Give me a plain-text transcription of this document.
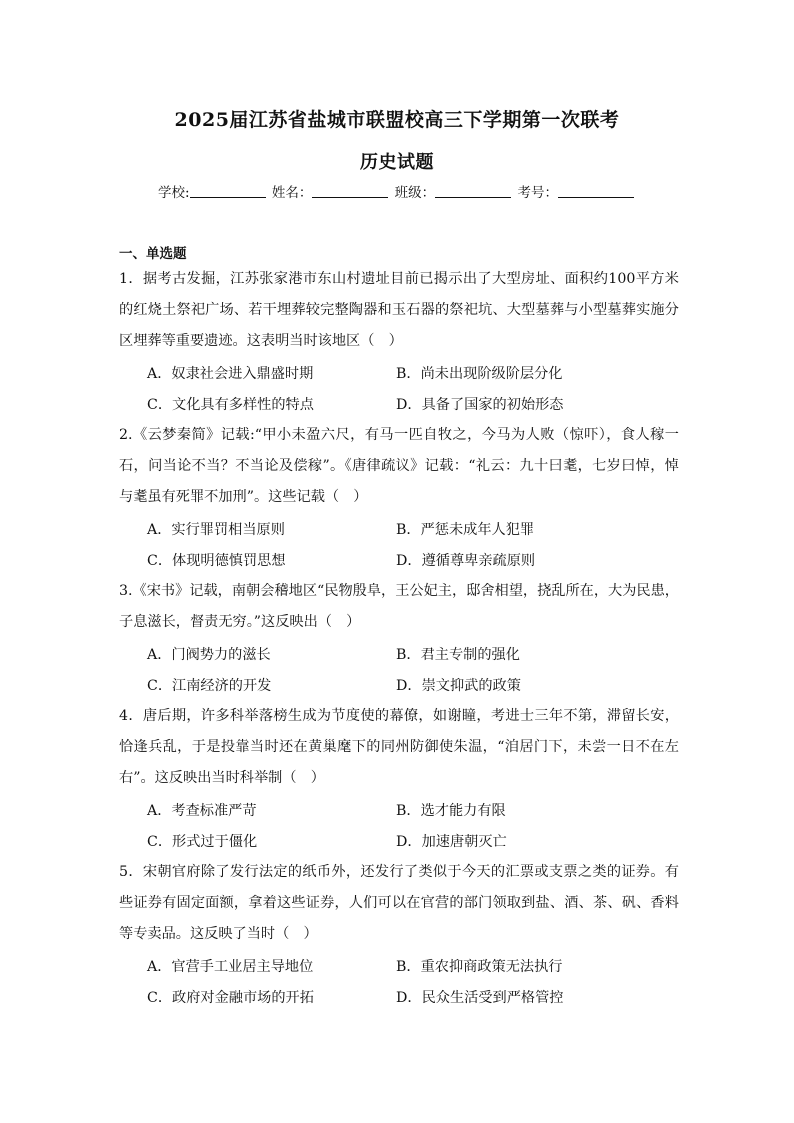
2025届江苏省盐城市联盟校高三下学期第一次联考
历史试题
学校:	姓名：	班级：	考号：
一、单选题
1．据考古发掘，江苏张家港市东山村遗址目前已揭示出了大型房址、面积约100平方米的红烧土祭祀广场、若干埋葬较完整陶器和玉石器的祭祀坑、大型墓葬与小型墓葬实施分区埋葬等重要遗迹。这表明当时该地区（　）
A．奴隶社会进入鼎盛时期	B．尚未出现阶级阶层分化
C．文化具有多样性的特点	D．具备了国家的初始形态
2.《云梦秦简》记载:“甲小未盈六尺，有马一匹自牧之，今马为人败（惊吓），食人稼一石，问当论不当？不当论及偿稼”。《唐律疏议》记载：“礼云：九十曰耄，七岁曰悼，悼与耄虽有死罪不加刑”。这些记载（　）
A．实行罪罚相当原则	B．严惩未成年人犯罪
C．体现明德慎罚思想	D．遵循尊卑亲疏原则
3.《宋书》记载，南朝会稽地区“民物殷阜，王公妃主，邸舍相望，挠乱所在，大为民患，子息滋长，督责无穷。”这反映出（　）
A．门阀势力的滋长	B．君主专制的强化
C．江南经济的开发	D．崇文抑武的政策
4．唐后期，许多科举落榜生成为节度使的幕僚，如谢瞳，考进士三年不第，滞留长安，恰逢兵乱，于是投靠当时还在黄巢麾下的同州防御使朱温，“洎居门下，未尝一日不在左右”。这反映出当时科举制（　）
A．考查标准严苛	B．选才能力有限
C．形式过于僵化	D．加速唐朝灭亡
5．宋朝官府除了发行法定的纸币外，还发行了类似于今天的汇票或支票之类的证券。有些证券有固定面额，拿着这些证券，人们可以在官营的部门领取到盐、酒、茶、矾、香料等专卖品。这反映了当时（　）
A．官营手工业居主导地位	B．重农抑商政策无法执行
C．政府对金融市场的开拓	D．民众生活受到严格管控
